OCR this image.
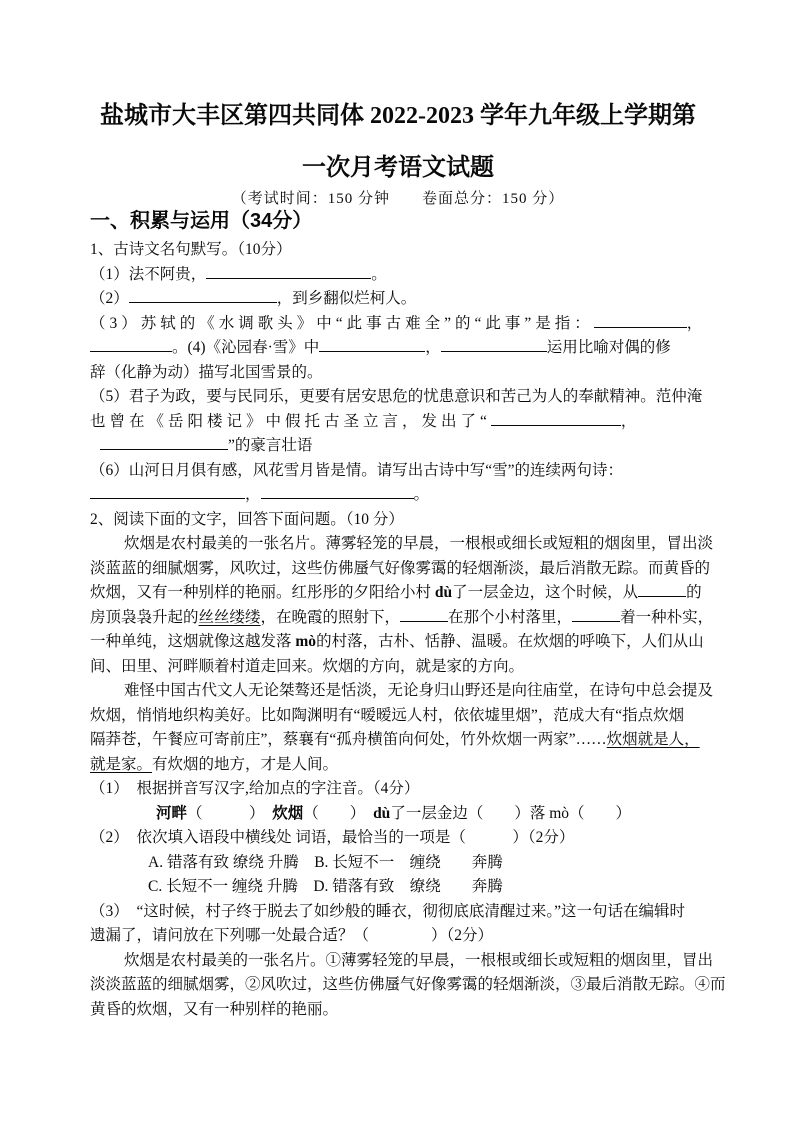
盐城市大丰区第四共同体 2022-2023 学年九年级上学期第
一次月考语文试题
（考试时间：150 分钟　　卷面总分：150 分）
一、积累与运用（34分）
1、古诗文名句默写。（10分）
（1）法不阿贵，	。
（2）	，到乡翻似烂柯人。
（3）苏轼的《水调歌头》中“此事古难全”的“此事”是指：	，
。(4)《沁园春·雪》中	，	运用比喻对偶的修
辞（化静为动）描写北国雪景的。
（5）君子为政，要与民同乐，更要有居安思危的忧患意识和苦己为人的奉献精神。范仲淹
也曾在《岳阳楼记》中假托古圣立言，发出了“	，
”的豪言壮语
（6）山河日月俱有感，风花雪月皆是情。请写出古诗中写“雪”的连续两句诗：
，	。
2、阅读下面的文字，回答下面问题。（10 分）
炊烟是农村最美的一张名片。薄雾轻笼的早晨，一根根或细长或短粗的烟囱里，冒出淡
淡蓝蓝的细腻烟雾，风吹过，这些仿佛蜃气好像雾霭的轻烟渐淡，最后消散无踪。而黄昏的
炊烟，又有一种别样的艳丽。红彤彤的夕阳给小村 dù了一层金边，这个时候，从	的
房顶袅袅升起的丝丝缕缕，在晚霞的照射下，	在那个小村落里，	着一种朴实，
一种单纯，这烟就像这越发落 mò的村落，古朴、恬静、温暖。在炊烟的呼唤下，人们从山
间、田里、河畔顺着村道走回来。炊烟的方向，就是家的方向。
难怪中国古代文人无论桀骜还是恬淡，无论身归山野还是向往庙堂，在诗句中总会提及
炊烟，悄悄地织构美好。比如陶渊明有“暧暧远人村，依依墟里烟”，范成大有“指点炊烟
隔莽苍，午餐应可寄前庄”，蔡襄有“孤舟横笛向何处，竹外炊烟一两家”……炊烟就是人，
就是家。有炊烟的地方，才是人间。
（1）　根据拼音写汉字,给加点的字注音。（4分）
河畔（　　　）　炊烟（　　）　dù了一层金边（　　）落 mò（　　）
（2）　依次填入语段中横线处 词语，最恰当的一项是（　　　）（2分）
A. 错落有致 缭绕 升腾　B. 长短不一　缠绕　　奔腾
C. 长短不一 缠绕 升腾　D. 错落有致　缭绕　　奔腾
（3）　“这时候，村子终于脱去了如纱般的睡衣，彻彻底底清醒过来。”这一句话在编辑时
遗漏了，请问放在下列哪一处最合适？（　　　　）（2分）
炊烟是农村最美的一张名片。①薄雾轻笼的早晨，一根根或细长或短粗的烟囱里，冒出
淡淡蓝蓝的细腻烟雾，②风吹过，这些仿佛蜃气好像雾霭的轻烟渐淡，③最后消散无踪。④而
黄昏的炊烟，又有一种别样的艳丽。
